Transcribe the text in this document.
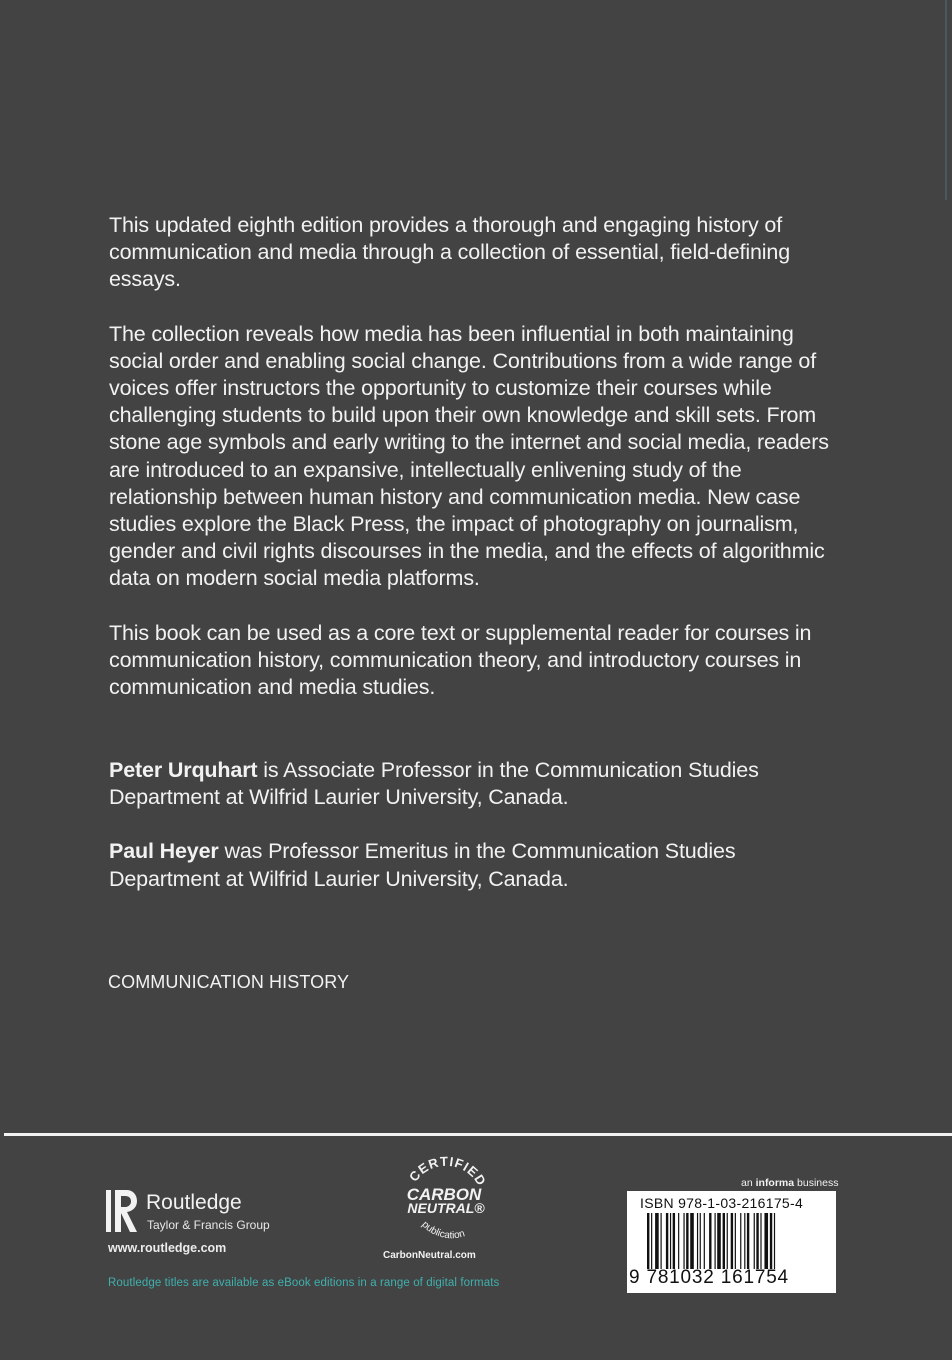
This updated eighth edition provides a thorough and engaging history of communication and media through a collection of essential, field-defining essays.

The collection reveals how media has been influential in both maintaining social order and enabling social change. Contributions from a wide range of voices offer instructors the opportunity to customize their courses while challenging students to build upon their own knowledge and skill sets. From stone age symbols and early writing to the internet and social media, readers are introduced to an expansive, intellectually enlivening study of the relationship between human history and communication media. New case studies explore the Black Press, the impact of photography on journalism, gender and civil rights discourses in the media, and the effects of algorithmic data on modern social media platforms.

This book can be used as a core text or supplemental reader for courses in communication history, communication theory, and introductory courses in communication and media studies.

Peter Urquhart is Associate Professor in the Communication Studies Department at Wilfrid Laurier University, Canada.

Paul Heyer was Professor Emeritus in the Communication Studies Department at Wilfrid Laurier University, Canada.

COMMUNICATION HISTORY
Routledge
Taylor & Francis Group
www.routledge.com
Routledge titles are available as eBook editions in a range of digital formats
CERTIFIED
CARBON
NEUTRAL®
publication
CarbonNeutral.com
an informa business
ISBN 978-1-03-216175-4
9 781032 161754
